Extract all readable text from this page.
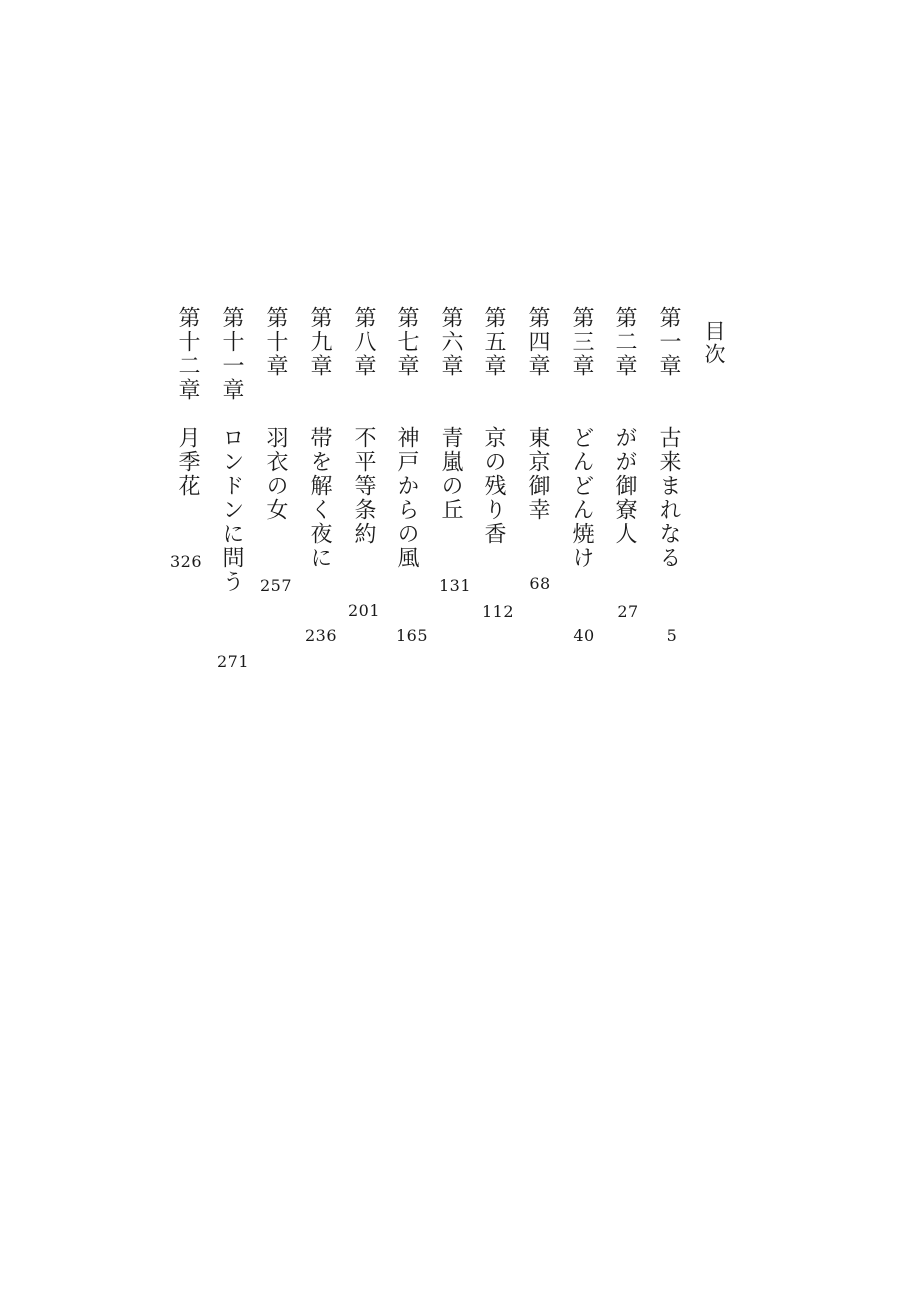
目次
第一章
古来まれなる
5
第二章
がが御寮人
27
第三章
どんどん焼け
40
第四章
東京御幸
68
第五章
京の残り香
112
第六章
青嵐の丘
131
第七章
神戸からの風
165
第八章
不平等条約
201
第九章
帯を解く夜に
236
第十章
羽衣の女
257
第十一章
ロンドンに問う
271
第十二章
月季花
326
